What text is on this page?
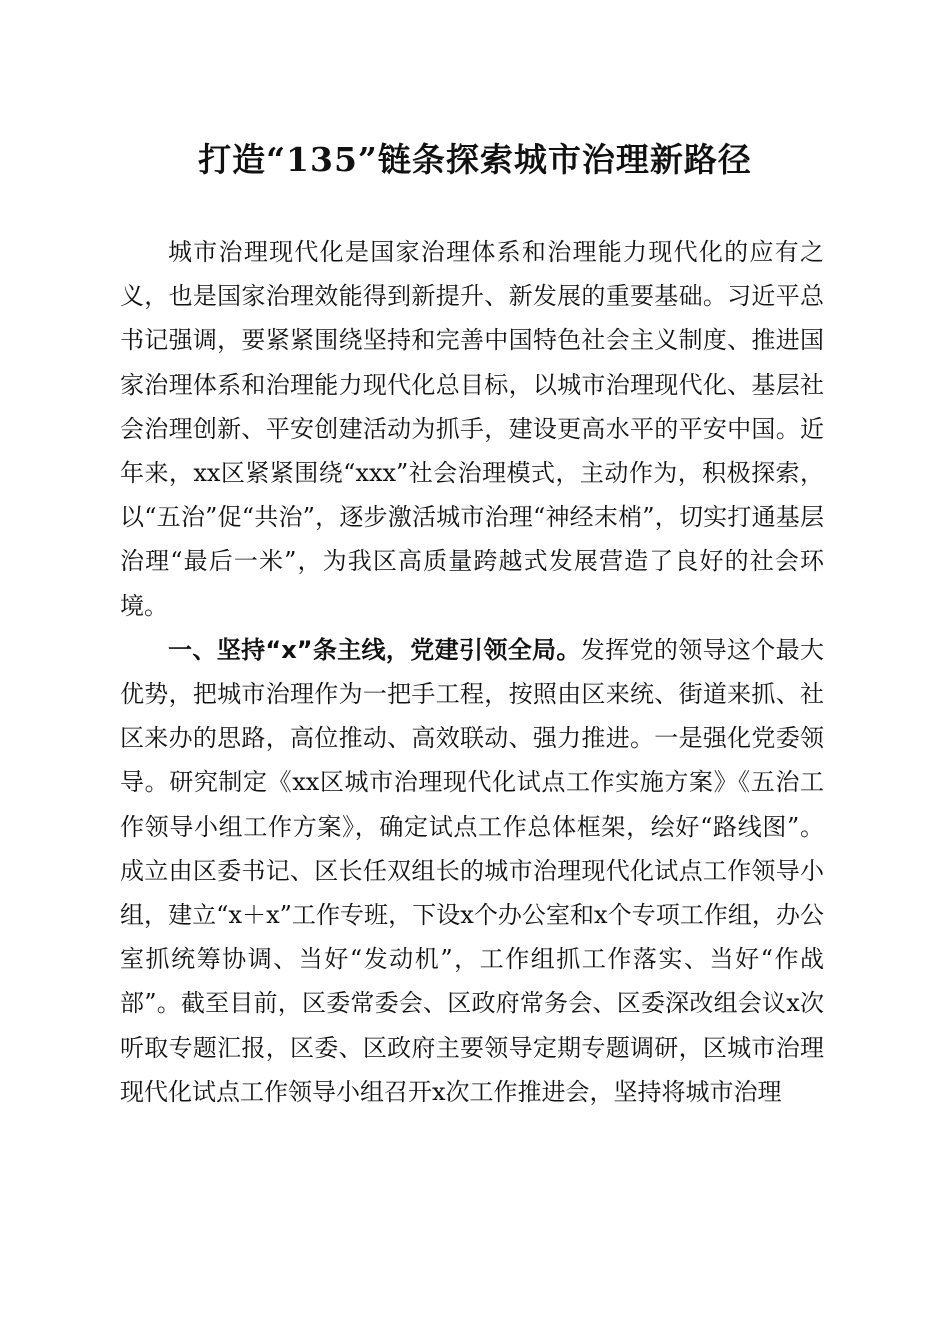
打造“135”链条探索城市治理新路径

城市治理现代化是国家治理体系和治理能力现代化的应有之义，也是国家治理效能得到新提升、新发展的重要基础。习近平总书记强调，要紧紧围绕坚持和完善中国特色社会主义制度、推进国家治理体系和治理能力现代化总目标，以城市治理现代化、基层社会治理创新、平安创建活动为抓手，建设更高水平的平安中国。近年来，xx区紧紧围绕“xxx”社会治理模式，主动作为，积极探索，以“五治”促“共治”，逐步激活城市治理“神经末梢”，切实打通基层治理“最后一米”，为我区高质量跨越式发展营造了良好的社会环境。

一、坚持“x”条主线，党建引领全局。发挥党的领导这个最大优势，把城市治理作为一把手工程，按照由区来统、街道来抓、社区来办的思路，高位推动、高效联动、强力推进。一是强化党委领导。研究制定《xx区城市治理现代化试点工作实施方案》《五治工作领导小组工作方案》，确定试点工作总体框架，绘好“路线图”。成立由区委书记、区长任双组长的城市治理现代化试点工作领导小组，建立“x＋x”工作专班，下设x个办公室和x个专项工作组，办公室抓统筹协调、当好“发动机”，工作组抓工作落实、当好“作战部”。截至目前，区委常委会、区政府常务会、区委深改组会议x次听取专题汇报，区委、区政府主要领导定期专题调研，区城市治理现代化试点工作领导小组召开x次工作推进会，坚持将城市治理
